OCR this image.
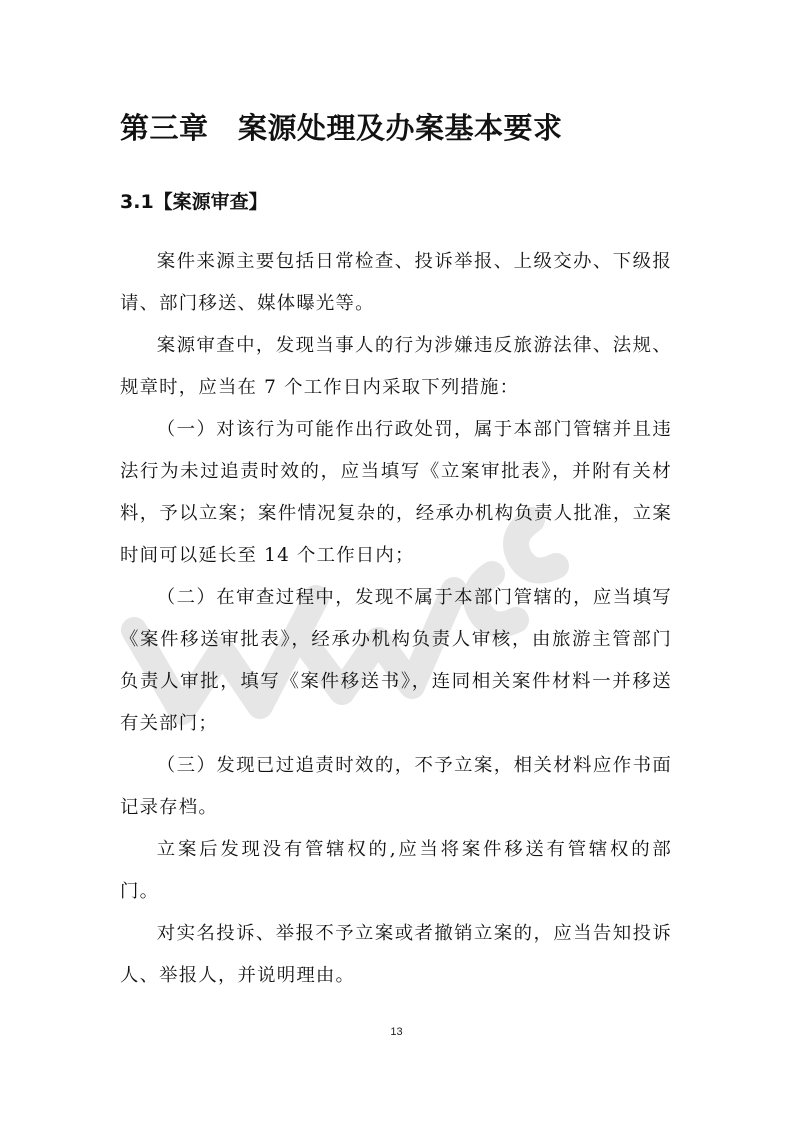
第三章　案源处理及办案基本要求
3.1【案源审查】

案件来源主要包括日常检查、投诉举报、上级交办、下级报请、部门移送、媒体曝光等。

案源审查中，发现当事人的行为涉嫌违反旅游法律、法规、规章时，应当在 7 个工作日内采取下列措施：

（一）对该行为可能作出行政处罚，属于本部门管辖并且违法行为未过追责时效的，应当填写《立案审批表》，并附有关材料，予以立案；案件情况复杂的，经承办机构负责人批准，立案时间可以延长至 14 个工作日内；

（二）在审查过程中，发现不属于本部门管辖的，应当填写《案件移送审批表》，经承办机构负责人审核，由旅游主管部门负责人审批，填写《案件移送书》，连同相关案件材料一并移送有关部门；

（三）发现已过追责时效的，不予立案，相关材料应作书面记录存档。

立案后发现没有管辖权的,应当将案件移送有管辖权的部门。

对实名投诉、举报不予立案或者撤销立案的，应当告知投诉人、举报人，并说明理由。

13
